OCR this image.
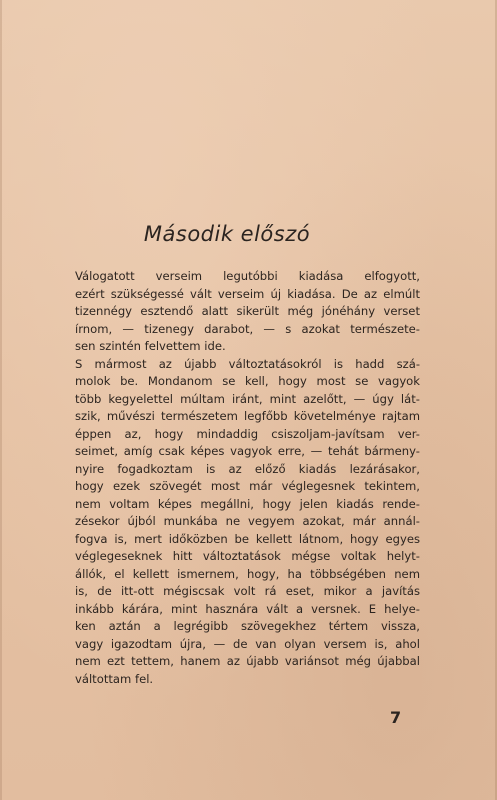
Második előszó
Válogatott verseim legutóbbi kiadása elfogyott,
ezért szükségessé vált verseim új kiadása. De az elmúlt
tizennégy esztendő alatt sikerült még jónéhány verset
írnom, — tizenegy darabot, — s azokat természete-
sen szintén felvettem ide.
S mármost az újabb változtatásokról is hadd szá-
molok be. Mondanom se kell, hogy most se vagyok
több kegyelettel múltam iránt, mint azelőtt, — úgy lát-
szik, művészi természetem legfőbb követelménye rajtam
éppen az, hogy mindaddig csiszoljam-javítsam ver-
seimet, amíg csak képes vagyok erre, — tehát bármeny-
nyire fogadkoztam is az előző kiadás lezárásakor,
hogy ezek szövegét most már véglegesnek tekintem,
nem voltam képes megállni, hogy jelen kiadás rende-
zésekor újból munkába ne vegyem azokat, már annál-
fogva is, mert időközben be kellett látnom, hogy egyes
véglegeseknek hitt változtatások mégse voltak helyt-
állók, el kellett ismernem, hogy, ha többségében nem
is, de itt-ott mégiscsak volt rá eset, mikor a javítás
inkább kárára, mint hasznára vált a versnek. E helye-
ken aztán a legrégibb szövegekhez tértem vissza,
vagy igazodtam újra, — de van olyan versem is, ahol
nem ezt tettem, hanem az újabb variánsot még újabbal
váltottam fel.
7
